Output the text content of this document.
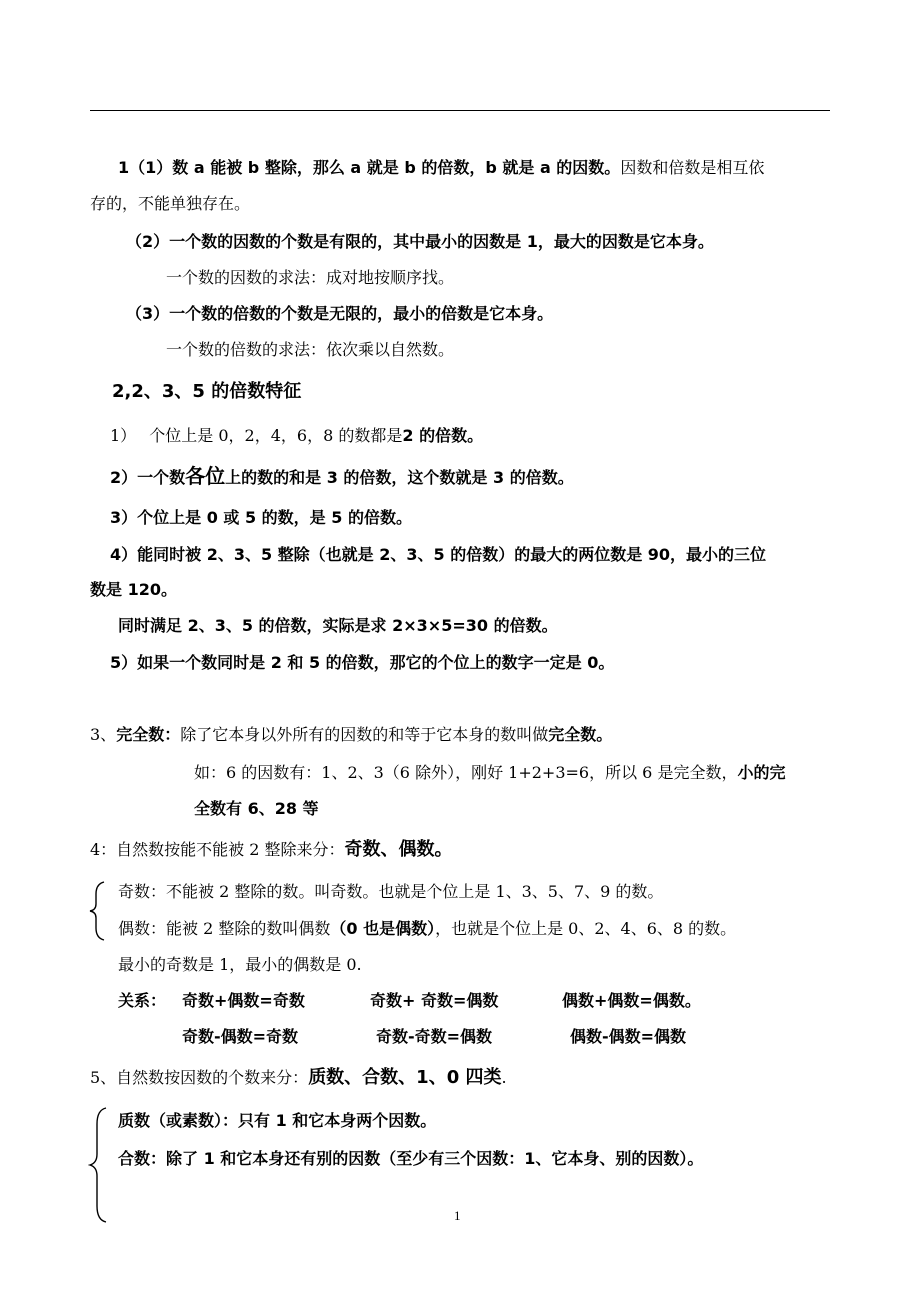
1（1）数 a 能被 b 整除，那么 a 就是 b 的倍数，b 就是 a 的因数。因数和倍数是相互依
存的，不能单独存在。
（2）一个数的因数的个数是有限的，其中最小的因数是 1，最大的因数是它本身。
一个数的因数的求法：成对地按顺序找。
（3）一个数的倍数的个数是无限的，最小的倍数是它本身。
一个数的倍数的求法：依次乘以自然数。
2,2、3、5 的倍数特征
1） 个位上是 0，2，4，6，8 的数都是2 的倍数。
2）一个数各位上的数的和是 3 的倍数，这个数就是 3 的倍数。
3）个位上是 0 或 5 的数，是 5 的倍数。
4）能同时被 2、3、5 整除（也就是 2、3、5 的倍数）的最大的两位数是 90，最小的三位
数是 120。
同时满足 2、3、5 的倍数，实际是求 2×3×5=30 的倍数。
5）如果一个数同时是 2 和 5 的倍数，那它的个位上的数字一定是 0。
3、完全数：除了它本身以外所有的因数的和等于它本身的数叫做完全数。
如：6 的因数有：1、2、3（6 除外），刚好 1+2+3=6，所以 6 是完全数，小的完
全数有 6、28 等
4：自然数按能不能被 2 整除来分：奇数、偶数。
奇数：不能被 2 整除的数。叫奇数。也就是个位上是 1、3、5、7、9 的数。
偶数：能被 2 整除的数叫偶数（0 也是偶数），也就是个位上是 0、2、4、6、8 的数。
最小的奇数是 1，最小的偶数是 0.
关系： 奇数+偶数=奇数	奇数+ 奇数=偶数	偶数+偶数=偶数。
奇数-偶数=奇数	奇数-奇数=偶数	偶数-偶数=偶数
5、自然数按因数的个数来分：质数、合数、1、0 四类.
质数（或素数）：只有 1 和它本身两个因数。
合数：除了 1 和它本身还有别的因数（至少有三个因数：1、它本身、别的因数）。
1
